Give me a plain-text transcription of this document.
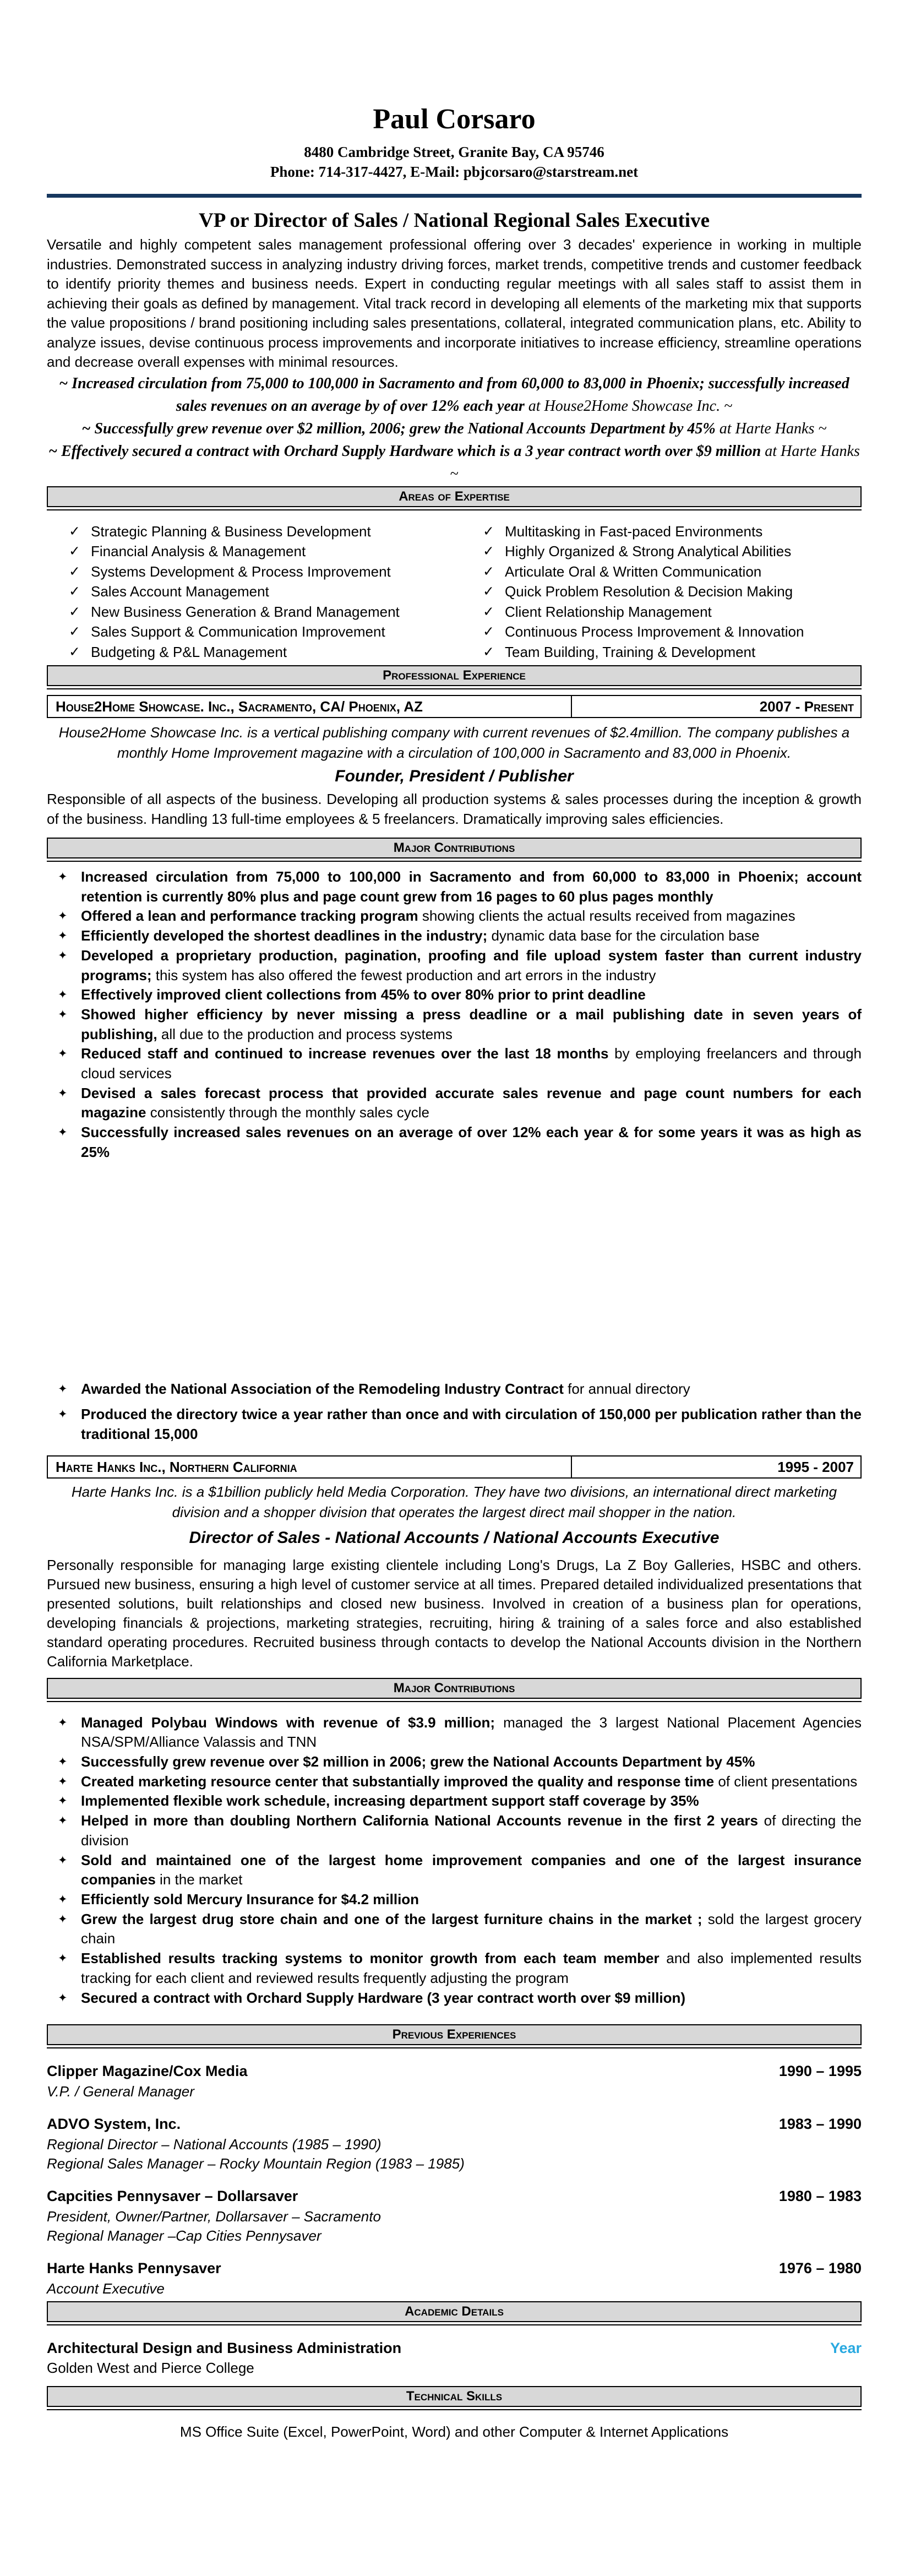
Paul Corsaro
8480 Cambridge Street, Granite Bay, CA 95746
Phone: 714-317-4427, E-Mail: pbjcorsaro@starstream.net
VP or Director of Sales / National Regional Sales Executive

Versatile and highly competent sales management professional offering over 3 decades' experience in working in multiple industries. Demonstrated success in analyzing industry driving forces, market trends, competitive trends and customer feedback to identify priority themes and business needs. Expert in conducting regular meetings with all sales staff to assist them in achieving their goals as defined by management. Vital track record in developing all elements of the marketing mix that supports the value propositions / brand positioning including sales presentations, collateral, integrated communication plans, etc. Ability to analyze issues, devise continuous process improvements and incorporate initiatives to increase efficiency, streamline operations and decrease overall expenses with minimal resources.

~ Increased circulation from 75,000 to 100,000 in Sacramento and from 60,000 to 83,000 in Phoenix; successfully increased sales revenues on an average by of over 12% each year at House2Home Showcase Inc. ~

~ Successfully grew revenue over $2 million, 2006; grew the National Accounts Department by 45% at Harte Hanks ~

~ Effectively secured a contract with Orchard Supply Hardware which is a 3 year contract worth over $9 million at Harte Hanks ~

Areas of Expertise
✓ Strategic Planning & Business Development
✓ Financial Analysis & Management
✓ Systems Development & Process Improvement
✓ Sales Account Management
✓ New Business Generation & Brand Management
✓ Sales Support & Communication Improvement
✓ Budgeting & P&L Management
✓ Multitasking in Fast-paced Environments
✓ Highly Organized & Strong Analytical Abilities
✓ Articulate Oral & Written Communication
✓ Quick Problem Resolution & Decision Making
✓ Client Relationship Management
✓ Continuous Process Improvement & Innovation
✓ Team Building, Training & Development
Professional Experience
House2Home Showcase. Inc., Sacramento, CA/ Phoenix, AZ	2007 - Present

House2Home Showcase Inc. is a vertical publishing company with current revenues of $2.4million. The company publishes a monthly Home Improvement magazine with a circulation of 100,000 in Sacramento and 83,000 in Phoenix.

Founder, President / Publisher

Responsible of all aspects of the business. Developing all production systems & sales processes during the inception & growth of the business. Handling 13 full-time employees & 5 freelancers. Dramatically improving sales efficiencies.

Major Contributions
✦ Increased circulation from 75,000 to 100,000 in Sacramento and from 60,000 to 83,000 in Phoenix; account retention is currently 80% plus and page count grew from 16 pages to 60 plus pages monthly
✦ Offered a lean and performance tracking program showing clients the actual results received from magazines
✦ Efficiently developed the shortest deadlines in the industry; dynamic data base for the circulation base
✦ Developed a proprietary production, pagination, proofing and file upload system faster than current industry programs; this system has also offered the fewest production and art errors in the industry
✦ Effectively improved client collections from 45% to over 80% prior to print deadline
✦ Showed higher efficiency by never missing a press deadline or a mail publishing date in seven years of publishing, all due to the production and process systems
✦ Reduced staff and continued to increase revenues over the last 18 months by employing freelancers and through cloud services
✦ Devised a sales forecast process that provided accurate sales revenue and page count numbers for each magazine consistently through the monthly sales cycle
✦ Successfully increased sales revenues on an average of over 12% each year & for some years it was as high as 25%
✦ Awarded the National Association of the Remodeling Industry Contract for annual directory
✦ Produced the directory twice a year rather than once and with circulation of 150,000 per publication rather than the traditional 15,000
Harte Hanks Inc., Northern California	1995 - 2007

Harte Hanks Inc. is a $1billion publicly held Media Corporation. They have two divisions, an international direct marketing division and a shopper division that operates the largest direct mail shopper in the nation.

Director of Sales - National Accounts / National Accounts Executive

Personally responsible for managing large existing clientele including Long's Drugs, La Z Boy Galleries, HSBC and others. Pursued new business, ensuring a high level of customer service at all times. Prepared detailed individualized presentations that presented solutions, built relationships and closed new business. Involved in creation of a business plan for operations, developing financials & projections, marketing strategies, recruiting, hiring & training of a sales force and also established standard operating procedures. Recruited business through contacts to develop the National Accounts division in the Northern California Marketplace.

Major Contributions
✦ Managed Polybau Windows with revenue of $3.9 million; managed the 3 largest National Placement Agencies NSA/SPM/Alliance Valassis and TNN
✦ Successfully grew revenue over $2 million in 2006; grew the National Accounts Department by 45%
✦ Created marketing resource center that substantially improved the quality and response time of client presentations
✦ Implemented flexible work schedule, increasing department support staff coverage by 35%
✦ Helped in more than doubling Northern California National Accounts revenue in the first 2 years of directing the division
✦ Sold and maintained one of the largest home improvement companies and one of the largest insurance companies in the market
✦ Efficiently sold Mercury Insurance for $4.2 million
✦ Grew the largest drug store chain and one of the largest furniture chains in the market ; sold the largest grocery chain
✦ Established results tracking systems to monitor growth from each team member and also implemented results tracking for each client and reviewed results frequently adjusting the program
✦ Secured a contract with Orchard Supply Hardware (3 year contract worth over $9 million)
Previous Experiences
Clipper Magazine/Cox Media	1990 – 1995
V.P. / General Manager
ADVO System, Inc.	1983 – 1990
Regional Director – National Accounts (1985 – 1990)
Regional Sales Manager – Rocky Mountain Region (1983 – 1985)
Capcities Pennysaver – Dollarsaver	1980 – 1983
President, Owner/Partner, Dollarsaver – Sacramento
Regional Manager –Cap Cities Pennysaver
Harte Hanks Pennysaver	1976 – 1980
Account Executive
Academic Details
Architectural Design and Business Administration	Year
Golden West and Pierce College
Technical Skills

MS Office Suite (Excel, PowerPoint, Word) and other Computer & Internet Applications
